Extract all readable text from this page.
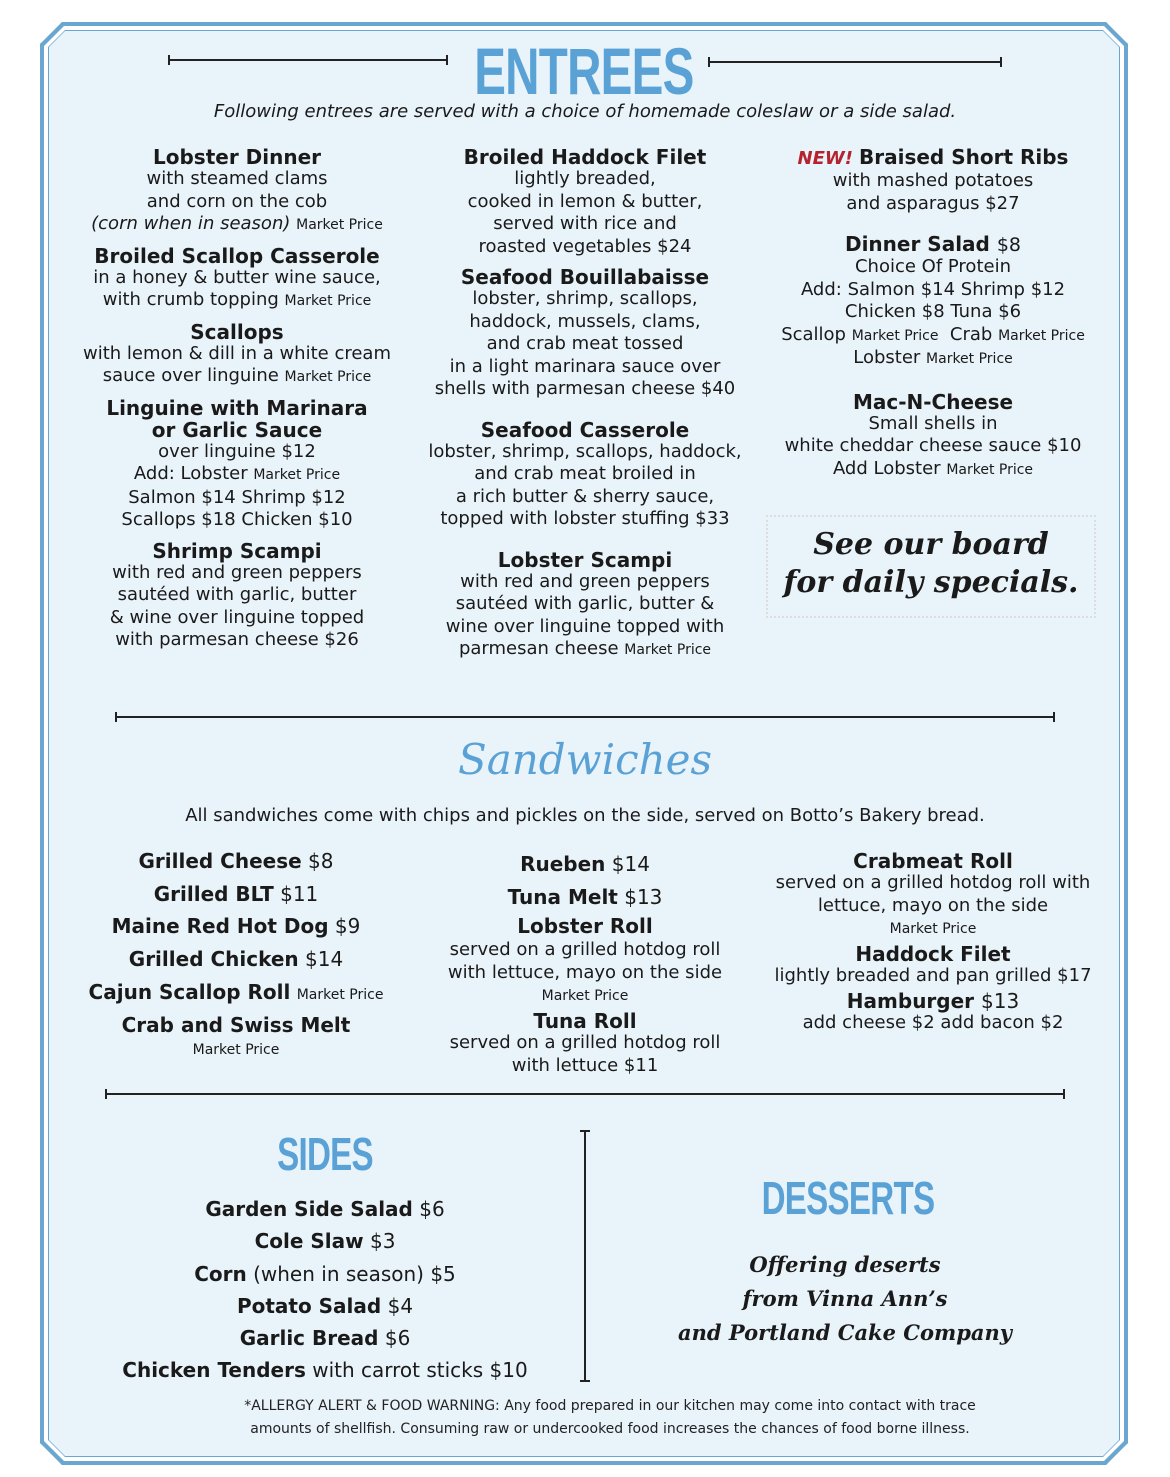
ENTREES
Following entrees are served with a choice of homemade coleslaw or a side salad.
Lobster Dinner
with steamed clams
and corn on the cob
(corn when in season) Market Price
Broiled Scallop Casserole
in a honey & butter wine sauce,
with crumb topping Market Price
Scallops
with lemon & dill in a white cream
sauce over linguine Market Price
Linguine with Marinara
or Garlic Sauce
over linguine $12
Add: Lobster Market Price
Salmon $14 Shrimp $12
Scallops $18 Chicken $10
Shrimp Scampi
with red and green peppers
sautéed with garlic, butter
& wine over linguine topped
with parmesan cheese $26
Broiled Haddock Filet
lightly breaded,
cooked in lemon & butter,
served with rice and
roasted vegetables $24
Seafood Bouillabaisse
lobster, shrimp, scallops,
haddock, mussels, clams,
and crab meat tossed
in a light marinara sauce over
shells with parmesan cheese $40
Seafood Casserole
lobster, shrimp, scallops, haddock,
and crab meat broiled in
a rich butter & sherry sauce,
topped with lobster stuffing $33
Lobster Scampi
with red and green peppers
sautéed with garlic, butter &
wine over linguine topped with
parmesan cheese Market Price
NEW! Braised Short Ribs
with mashed potatoes
and asparagus $27
Dinner Salad $8
Choice Of Protein
Add: Salmon $14 Shrimp $12
Chicken $8 Tuna $6
Scallop Market Price Crab Market Price
Lobster Market Price
Mac-N-Cheese
Small shells in
white cheddar cheese sauce $10
Add Lobster Market Price
See our board
for daily specials.
Sandwiches
All sandwiches come with chips and pickles on the side, served on Botto’s Bakery bread.
Grilled Cheese $8
Grilled BLT $11
Maine Red Hot Dog $9
Grilled Chicken $14
Cajun Scallop Roll Market Price
Crab and Swiss Melt
Market Price
Rueben $14
Tuna Melt $13
Lobster Roll
served on a grilled hotdog roll
with lettuce, mayo on the side
Market Price
Tuna Roll
served on a grilled hotdog roll
with lettuce $11
Crabmeat Roll
served on a grilled hotdog roll with
lettuce, mayo on the side
Market Price
Haddock Filet
lightly breaded and pan grilled $17
Hamburger $13
add cheese $2 add bacon $2
SIDES
Garden Side Salad $6
Cole Slaw $3
Corn (when in season) $5
Potato Salad $4
Garlic Bread $6
Chicken Tenders with carrot sticks $10
DESSERTS
Offering deserts
from Vinna Ann’s
and Portland Cake Company
*ALLERGY ALERT & FOOD WARNING: Any food prepared in our kitchen may come into contact with trace
amounts of shellfish. Consuming raw or undercooked food increases the chances of food borne illness.
